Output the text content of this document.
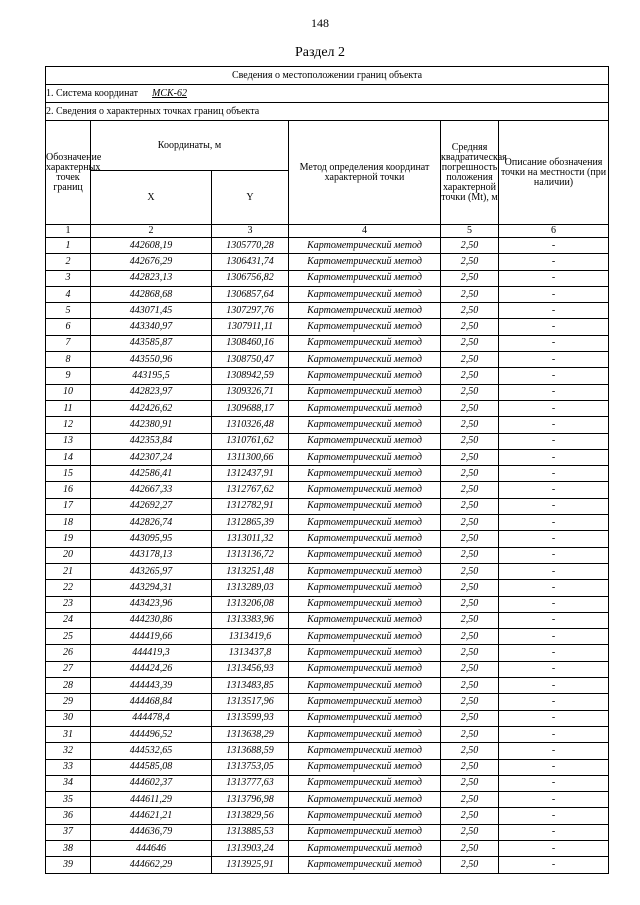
148
Раздел 2
Сведения о местоположении границ объекта					
1. Система координат МСК-62					
2. Сведения о характерных точках границ объекта					
Обозначение характерных точек границ	Координаты, м		Метод определения координат характерной точки	Средняя квадратическая погрешность положения характерной точки (Mt), м	Описание обозначения точки на местности (при наличии)
	X	Y			
1	2	3	4	5	6
1	442608,19	1305770,28	Картометрический метод	2,50	-
2	442676,29	1306431,74	Картометрический метод	2,50	-
3	442823,13	1306756,82	Картометрический метод	2,50	-
4	442868,68	1306857,64	Картометрический метод	2,50	-
5	443071,45	1307297,76	Картометрический метод	2,50	-
6	443340,97	1307911,11	Картометрический метод	2,50	-
7	443585,87	1308460,16	Картометрический метод	2,50	-
8	443550,96	1308750,47	Картометрический метод	2,50	-
9	443195,5	1308942,59	Картометрический метод	2,50	-
10	442823,97	1309326,71	Картометрический метод	2,50	-
11	442426,62	1309688,17	Картометрический метод	2,50	-
12	442380,91	1310326,48	Картометрический метод	2,50	-
13	442353,84	1310761,62	Картометрический метод	2,50	-
14	442307,24	1311300,66	Картометрический метод	2,50	-
15	442586,41	1312437,91	Картометрический метод	2,50	-
16	442667,33	1312767,62	Картометрический метод	2,50	-
17	442692,27	1312782,91	Картометрический метод	2,50	-
18	442826,74	1312865,39	Картометрический метод	2,50	-
19	443095,95	1313011,32	Картометрический метод	2,50	-
20	443178,13	1313136,72	Картометрический метод	2,50	-
21	443265,97	1313251,48	Картометрический метод	2,50	-
22	443294,31	1313289,03	Картометрический метод	2,50	-
23	443423,96	1313206,08	Картометрический метод	2,50	-
24	444230,86	1313383,96	Картометрический метод	2,50	-
25	444419,66	1313419,6	Картометрический метод	2,50	-
26	444419,3	1313437,8	Картометрический метод	2,50	-
27	444424,26	1313456,93	Картометрический метод	2,50	-
28	444443,39	1313483,85	Картометрический метод	2,50	-
29	444468,84	1313517,96	Картометрический метод	2,50	-
30	444478,4	1313599,93	Картометрический метод	2,50	-
31	444496,52	1313638,29	Картометрический метод	2,50	-
32	444532,65	1313688,59	Картометрический метод	2,50	-
33	444585,08	1313753,05	Картометрический метод	2,50	-
34	444602,37	1313777,63	Картометрический метод	2,50	-
35	444611,29	1313796,98	Картометрический метод	2,50	-
36	444621,21	1313829,56	Картометрический метод	2,50	-
37	444636,79	1313885,53	Картометрический метод	2,50	-
38	444646	1313903,24	Картометрический метод	2,50	-
39	444662,29	1313925,91	Картометрический метод	2,50	-
